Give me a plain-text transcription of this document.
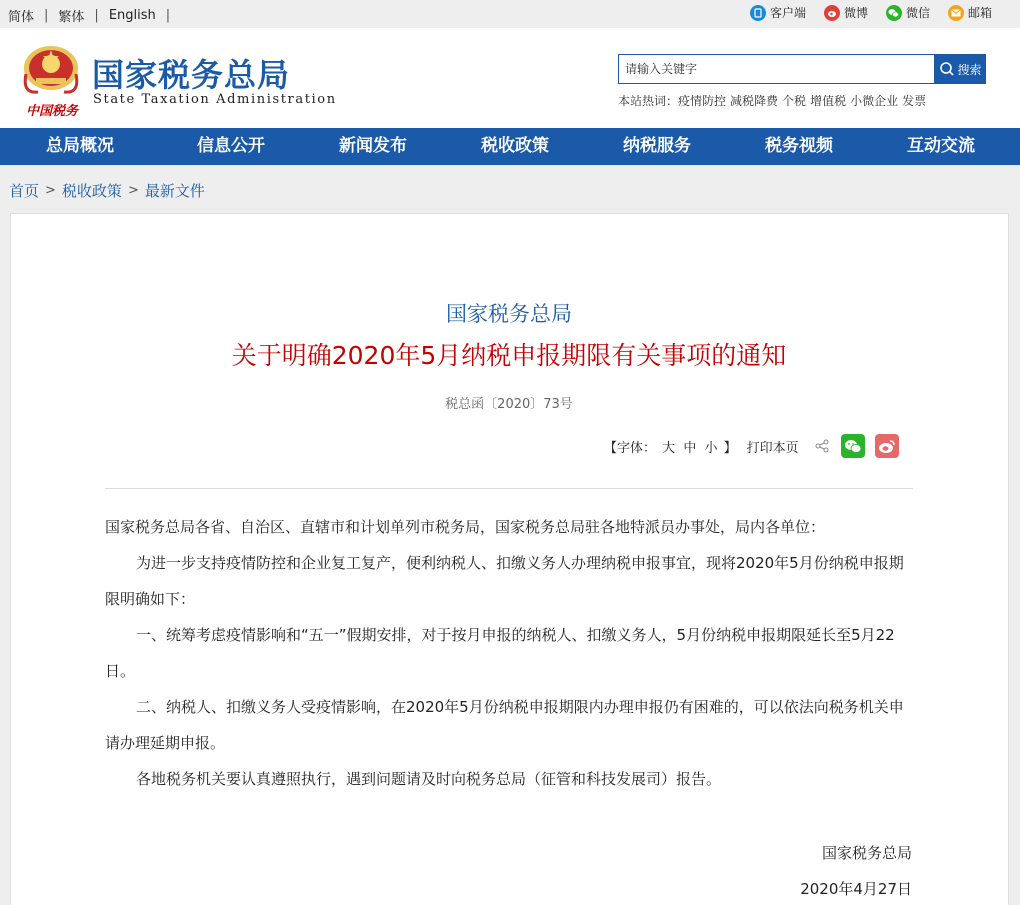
简体 | 繁体 | English |	客户端	微博	微信	邮箱
中国税务
国家税务总局
State Taxation Administration
请输入关键字
搜索
本站热词： 疫情防控 减税降费 个税 增值税 小微企业 发票
总局概况	信息公开	新闻发布	税收政策	纳税服务	税务视频	互动交流
首页 > 税收政策 > 最新文件
国家税务总局
关于明确2020年5月纳税申报期限有关事项的通知
税总函〔2020〕73号
【字体： 大 中 小 】 打印本页

国家税务总局各省、自治区、直辖市和计划单列市税务局，国家税务总局驻各地特派员办事处，局内各单位：

为进一步支持疫情防控和企业复工复产，便利纳税人、扣缴义务人办理纳税申报事宜，现将2020年5月份纳税申报期限明确如下：

一、统筹考虑疫情影响和“五一”假期安排，对于按月申报的纳税人、扣缴义务人，5月份纳税申报期限延长至5月22日。

二、纳税人、扣缴义务人受疫情影响，在2020年5月份纳税申报期限内办理申报仍有困难的，可以依法向税务机关申请办理延期申报。

各地税务机关要认真遵照执行，遇到问题请及时向税务总局（征管和科技发展司）报告。

国家税务总局
2020年4月27日
